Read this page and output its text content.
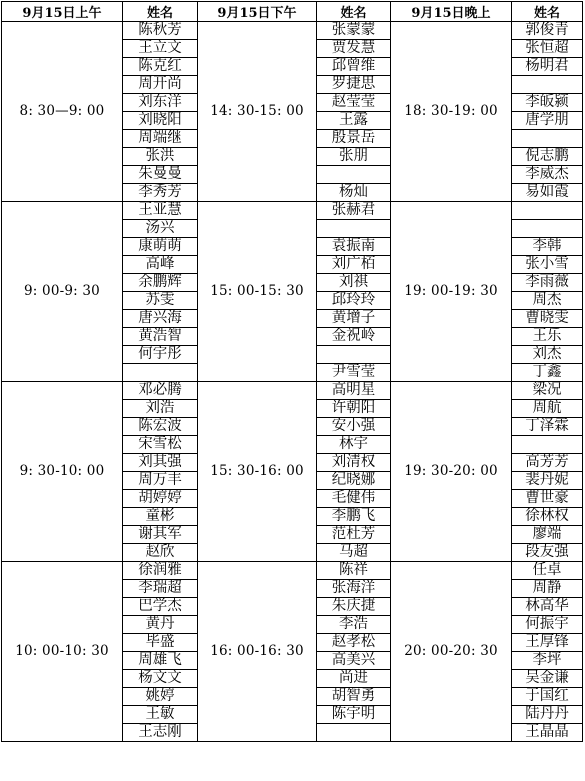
9月15日上午	姓名	9月15日下午	姓名	9月15日晚上	姓名
8: 30—9: 00	陈秋芳	14: 30-15: 00	张蒙蒙	18: 30-19: 00	郭俊青
	王立文		贾发慧		张恒超
	陈克红		邱曾维		杨明君
	周开尚		罗捷思		
	刘东洋		赵莹莹		李皈颍
	刘晓阳		王露		唐学朋
	周端继		殷景岳		
	张洪		张朋		倪志鹏
	朱曼曼				李威杰
	李秀芳		杨灿		易如霞
9: 00-9: 30	王亚慧	15: 00-15: 30	张赫君	19: 00-19: 30	
	汤兴				
	康萌萌		袁振南		李韩
	高峰		刘广栢		张小雪
	余鹏辉		刘祺		李雨薇
	苏雯		邱玲玲		周杰
	唐兴海		黄增子		曹晓雯
	黄浩智		金祝岭		王乐
	何宇彤				刘杰
			尹雪莹		丁鑫
9: 30-10: 00	邓必腾	15: 30-16: 00	高明星	19: 30-20: 00	梁况
	刘浩		许朝阳		周航
	陈宏波		安小强		丁泽霖
	宋雪松		林宇		
	刘其强		刘清权		高芳芳
	周万丰		纪晓娜		裴丹妮
	胡婷婷		毛健伟		曹世豪
	童彬		李鹏飞		徐林权
	谢其军		范杜芳		廖端
	赵欣		马超		段友强
10: 00-10: 30	徐润雅	16: 00-16: 30	陈祥	20: 00-20: 30	任卓
	李瑞超		张海洋		周静
	巴学杰		朱庆捷		林高华
	黄丹		李浩		何振宇
	毕盛		赵孝松		王厚锋
	周雄飞		高美兴		李坪
	杨文文		尚进		吴金谦
	姚婷		胡智勇		于国红
	王敏		陈宇明		陆丹丹
	王志刚				王晶晶
